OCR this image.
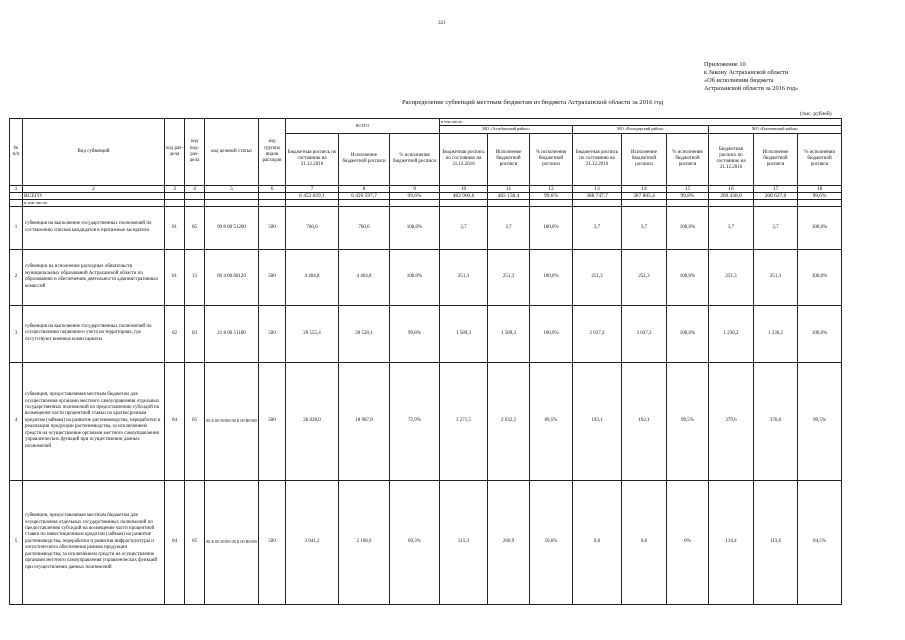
321
Приложение 10
к Закону Астраханской области
«Об исполнении бюджета
Астраханской области за 2016 год»
Распределение субвенций местным бюджетам из бюджета Астраханской области за 2016 год
(тыс. рублей)
№ п/п	Вид субвенций	код раз-дела	код под-раз-дела	код целевой статьи	код группы видов расходов	ВСЕГО			в том числе:								
									МО «Ахтубинский район»			МО «Володарский район»			МО «Енотаевский район»		
						Бюджетная роспись по состоянию на 31.12.2016	Исполнение бюджетной росписи	% исполнения бюджетной росписи	Бюджетная роспись по состоянию на 31.12.2016	Исполнение бюджетной росписи	% исполнения бюджетной росписи	Бюджетная роспись по состоянию на 31.12.2016	Исполнение бюджетной росписи	% исполнения бюджетной росписи	Бюджетная роспись по состоянию на 31.12.2016	Исполнение бюджетной росписи	% исполнения бюджетной росписи
1	2	3	4	5	6	7	8	9	10	11	12	13	14	15	16	17	18
	ВСЕГО:					6 452 029,1	6 426 597,7	99,6%	483 960,6	482 158,4	99,6%	388 747,7	387 805,4	99,8%	209 438,0	208 627,0	99,6%
	в том числе:																
1	субвенция на выполнение государственных полномочий по составлению списков кандидатов в присяжные заседатели	01	05	99 8 00 51200	500	760,6	760,6	100,0%	3,7	3,7	100,0%	3,7	3,7	100,0%	3,7	3,7	100,0%
2	субвенции на исполнение расходных обязательств муниципальных образований Астраханской области по образованию и обеспечению деятельности административных комиссий	01	13	69 4 00 60120	500	4 404,8	4 404,8	100,0%	251,3	251,3	100,0%	251,3	251,3	100,0%	251,3	251,3	100,0%
3	субвенция на выполнение государственных полномочий по осуществлению первичного учета на территориях, где отсутствуют военные комиссариаты	02	03	21 8 00 51180	500	20 555,4	20 520,1	99,8%	1 589,3	1 589,3	100,0%	3 037,3	3 037,3	100,0%	1 236,2	1 236,2	100,0%
4	субвенция, предоставляемая местным бюджетам для осуществления органами местного самоуправления отдельных государственных полномочий по предоставлению субсидий на возмещение части процентной ставки по краткосрочным кредитам (займам) на развитие растениеводства, переработки и реализации продукции растениеводства, за исключением средств на осуществление органами местного самоуправления управленческих функций при осуществлении данных полномочий	04	05	86 Б 00 50380 06 Б 00 R0380	500	26 028,0	18 987,8	72,9%	3 271,5	2 032,2	89,5%	193,1	192,1	99,5%	379,6	376,6	99,5%
5	субвенция, предоставляемая местным бюджетам для осуществления отдельных государственных полномочий по предоставлению субсидий на возмещение части процентной ставки по инвестиционным кредитам (займам) на развитие растениеводства, переработки и развития инфраструктуры и логистического обеспечения рынков продукции растениеводства, за исключением средств на осуществление органами местного самоуправления управленческих функций при осуществлении данных полномочий	04	05	86 Б 00 50390 06 Б 00 R0390	500	3 041,2	2 108,0	69,3%	515,3	260,9	50,6%	0,0	0,0	0%	134,4	113,6	84,5%
